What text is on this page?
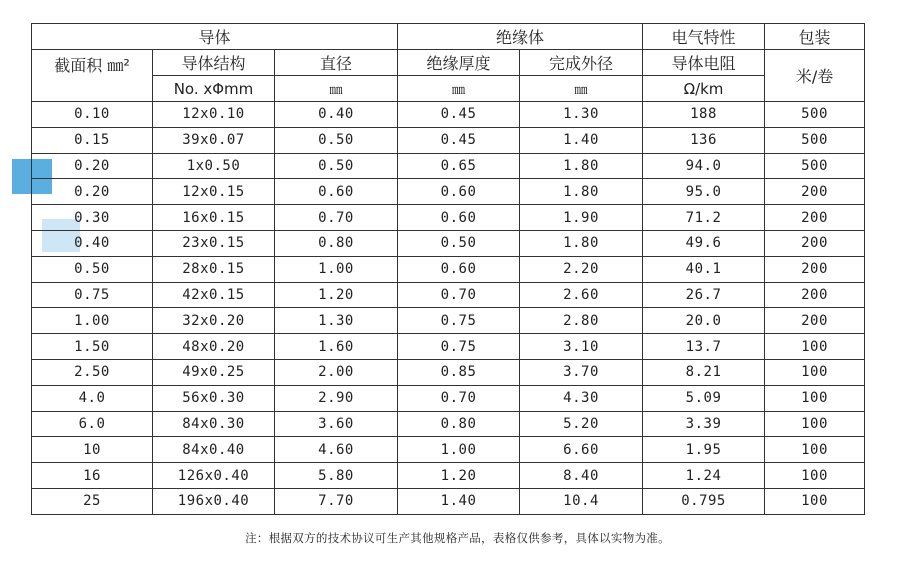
导体			绝缘体		电气特性	包装
截面积 ㎜²	导体结构	直径	绝缘厚度	完成外径	导体电阻	米/卷
	No. xΦmm	㎜	㎜	㎜	Ω/km	
0.10	12x0.10	0.40	0.45	1.30	188	500
0.15	39x0.07	0.50	0.45	1.40	136	500
0.20	1x0.50	0.50	0.65	1.80	94.0	500
0.20	12x0.15	0.60	0.60	1.80	95.0	200
0.30	16x0.15	0.70	0.60	1.90	71.2	200
0.40	23x0.15	0.80	0.50	1.80	49.6	200
0.50	28x0.15	1.00	0.60	2.20	40.1	200
0.75	42x0.15	1.20	0.70	2.60	26.7	200
1.00	32x0.20	1.30	0.75	2.80	20.0	200
1.50	48x0.20	1.60	0.75	3.10	13.7	100
2.50	49x0.25	2.00	0.85	3.70	8.21	100
4.0	56x0.30	2.90	0.70	4.30	5.09	100
6.0	84x0.30	3.60	0.80	5.20	3.39	100
10	84x0.40	4.60	1.00	6.60	1.95	100
16	126x0.40	5.80	1.20	8.40	1.24	100
25	196x0.40	7.70	1.40	10.4	0.795	100
注：根据双方的技术协议可生产其他规格产品，表格仅供参考，具体以实物为准。
